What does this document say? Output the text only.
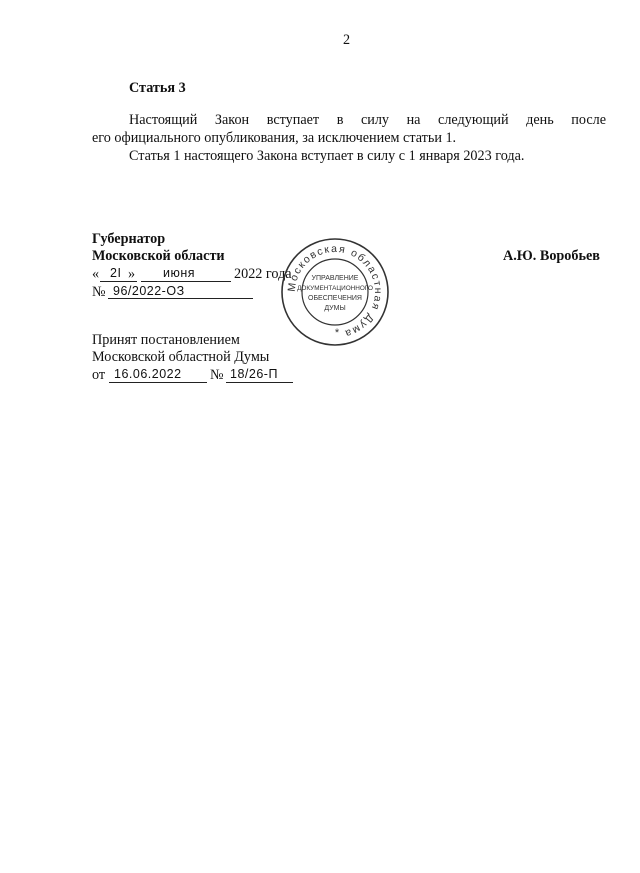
2
Статья 3
Настоящий Закон вступает в силу на следующий день после
его официального опубликования, за исключением статьи 1.
Статья 1 настоящего Закона вступает в силу с 1 января 2023 года.
Губернатор
Московской области	А.Ю. Воробьев
« 2I » июня	2022 года
№ 96/2022-ОЗ	Московская областная Дума
УПРАВЛЕНИЕ
ДОКУМЕНТАЦИОННОГО
ОБЕСПЕЧЕНИЯ
ДУМЫ
*
Принят постановлением
Московской областной Думы
от 16.06.2022 № 18/26-П
